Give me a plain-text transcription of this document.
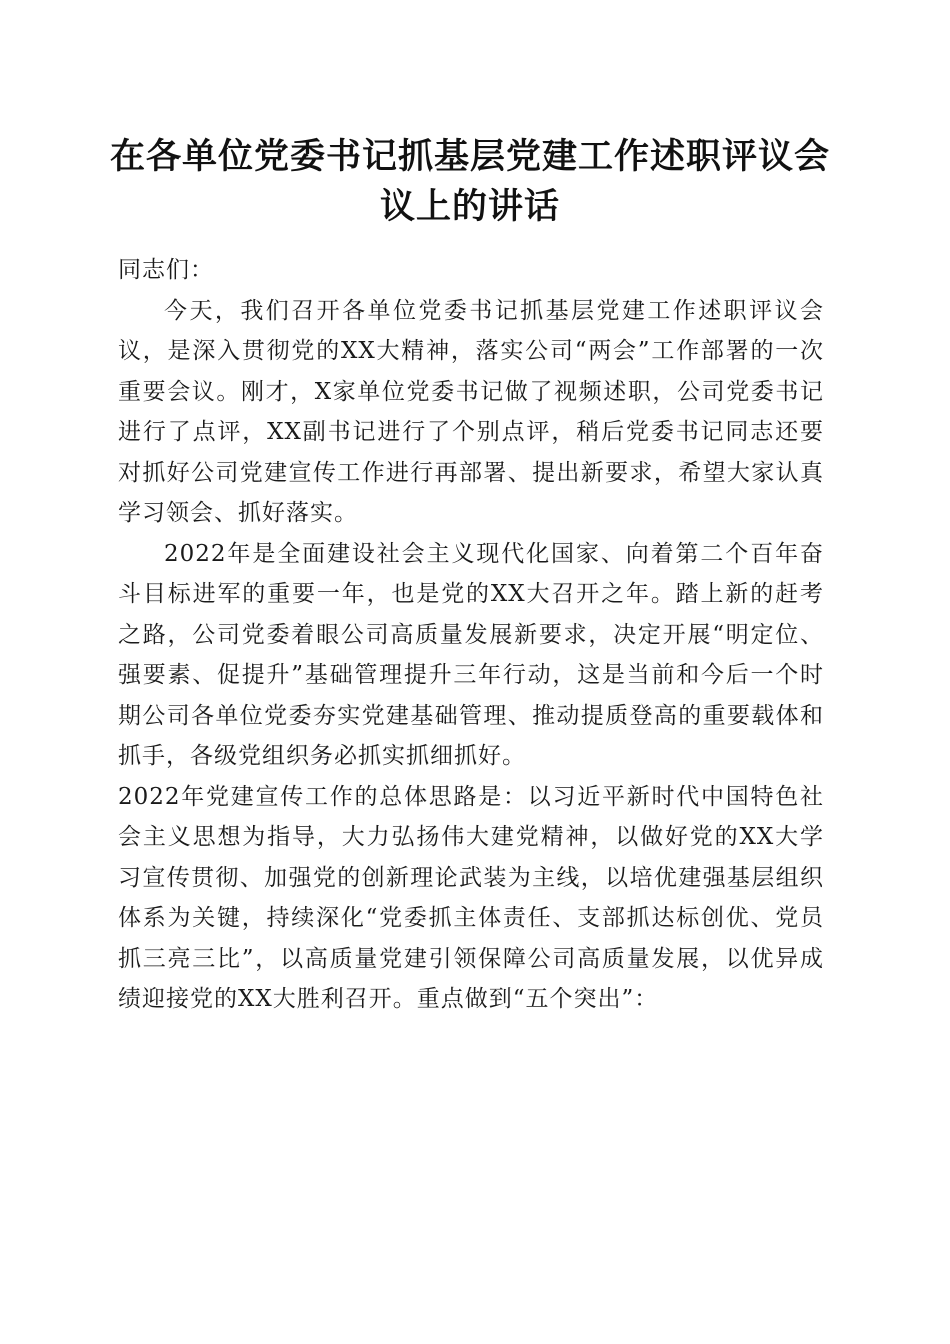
在各单位党委书记抓基层党建工作述职评议会议上的讲话

同志们：

今天，我们召开各单位党委书记抓基层党建工作述职评议会议，是深入贯彻党的XX大精神，落实公司“两会”工作部署的一次重要会议。刚才，X家单位党委书记做了视频述职，公司党委书记进行了点评，XX副书记进行了个别点评，稍后党委书记同志还要对抓好公司党建宣传工作进行再部署、提出新要求，希望大家认真学习领会、抓好落实。

2022年是全面建设社会主义现代化国家、向着第二个百年奋斗目标进军的重要一年，也是党的XX大召开之年。踏上新的赶考之路，公司党委着眼公司高质量发展新要求，决定开展“明定位、强要素、促提升”基础管理提升三年行动，这是当前和今后一个时期公司各单位党委夯实党建基础管理、推动提质登高的重要载体和抓手，各级党组织务必抓实抓细抓好。

2022年党建宣传工作的总体思路是：以习近平新时代中国特色社会主义思想为指导，大力弘扬伟大建党精神，以做好党的XX大学习宣传贯彻、加强党的创新理论武装为主线，以培优建强基层组织体系为关键，持续深化“党委抓主体责任、支部抓达标创优、党员抓三亮三比”，以高质量党建引领保障公司高质量发展，以优异成绩迎接党的XX大胜利召开。重点做到“五个突出”：
